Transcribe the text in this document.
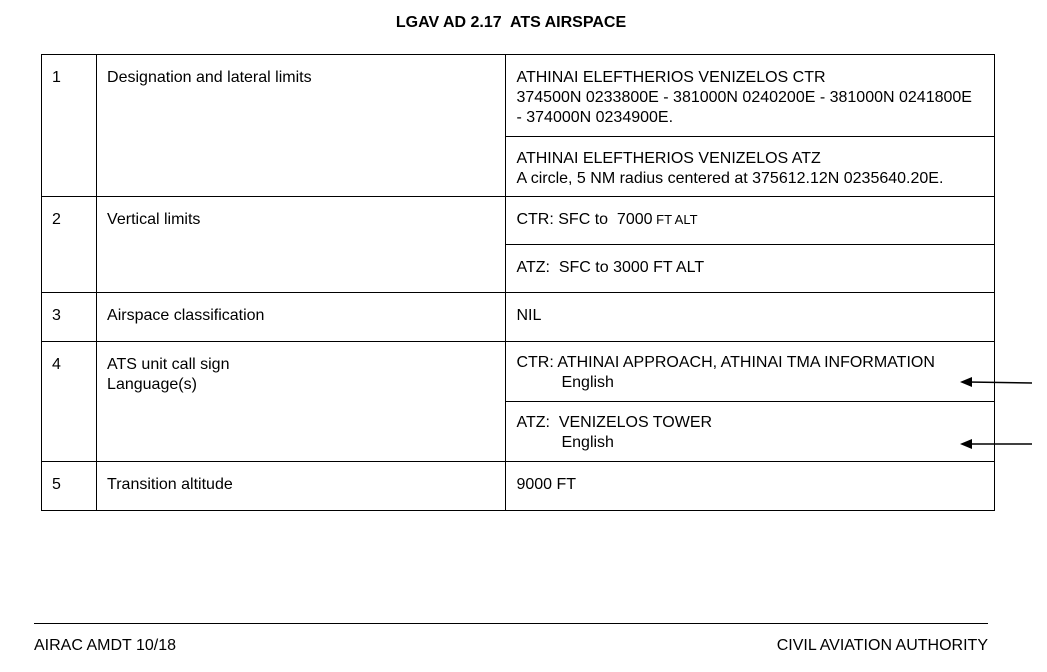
LGAV AD 2.17  ATS AIRSPACE
1	Designation and lateral limits	ATHINAI ELEFTHERIOS VENIZELOS CTR
374500N 0233800E - 381000N 0240200E - 381000N 0241800E
- 374000N 0234900E.

		ATHINAI ELEFTHERIOS VENIZELOS ATZ
A circle, 5 NM radius centered at 375612.12N 0235640.20E.

2	Vertical limits	CTR: SFC to  7000 FT ALT

		ATZ:  SFC to 3000 FT ALT

3	Airspace classification	NIL
4	ATS unit call sign
Language(s)	CTR: ATHINAI APPROACH, ATHINAI TMA INFORMATION
English

		ATZ:  VENIZELOS TOWER
English

5	Transition altitude	9000 FT
AIRAC AMDT 10/18	CIVIL AVIATION AUTHORITY
